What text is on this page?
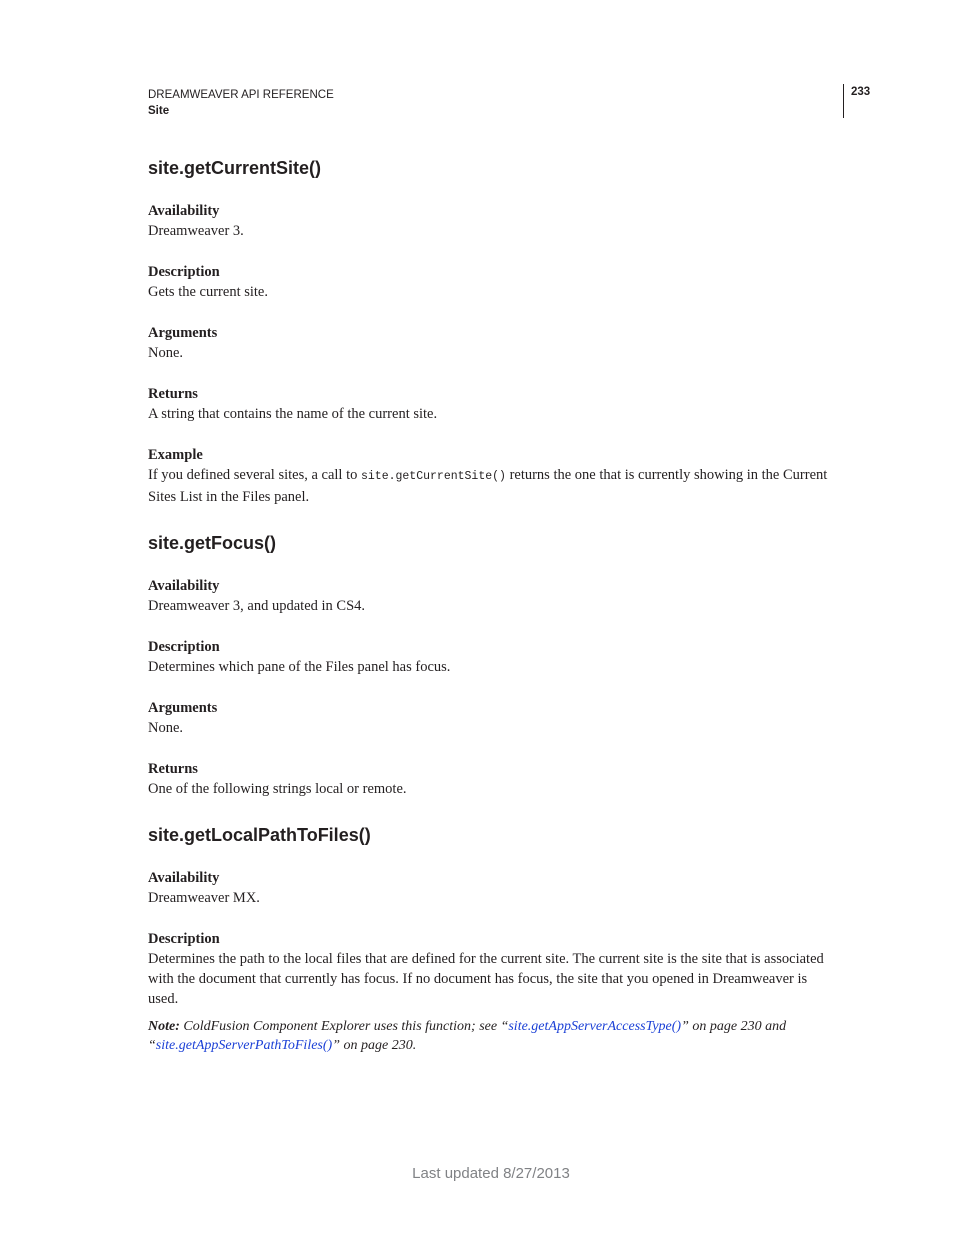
DREAMWEAVER API REFERENCE
Site
233
site.getCurrentSite()
Availability
Dreamweaver 3.
Description
Gets the current site.
Arguments
None.
Returns
A string that contains the name of the current site.
Example
If you defined several sites, a call to site.getCurrentSite() returns the one that is currently showing in the Current Sites List in the Files panel.
site.getFocus()
Availability
Dreamweaver 3, and updated in CS4.
Description
Determines which pane of the Files panel has focus.
Arguments
None.
Returns
One of the following strings local or remote.
site.getLocalPathToFiles()
Availability
Dreamweaver MX.
Description
Determines the path to the local files that are defined for the current site. The current site is the site that is associated with the document that currently has focus. If no document has focus, the site that you opened in Dreamweaver is used.
Note: ColdFusion Component Explorer uses this function; see “site.getAppServerAccessType()” on page 230 and “site.getAppServerPathToFiles()” on page 230.
Last updated 8/27/2013
